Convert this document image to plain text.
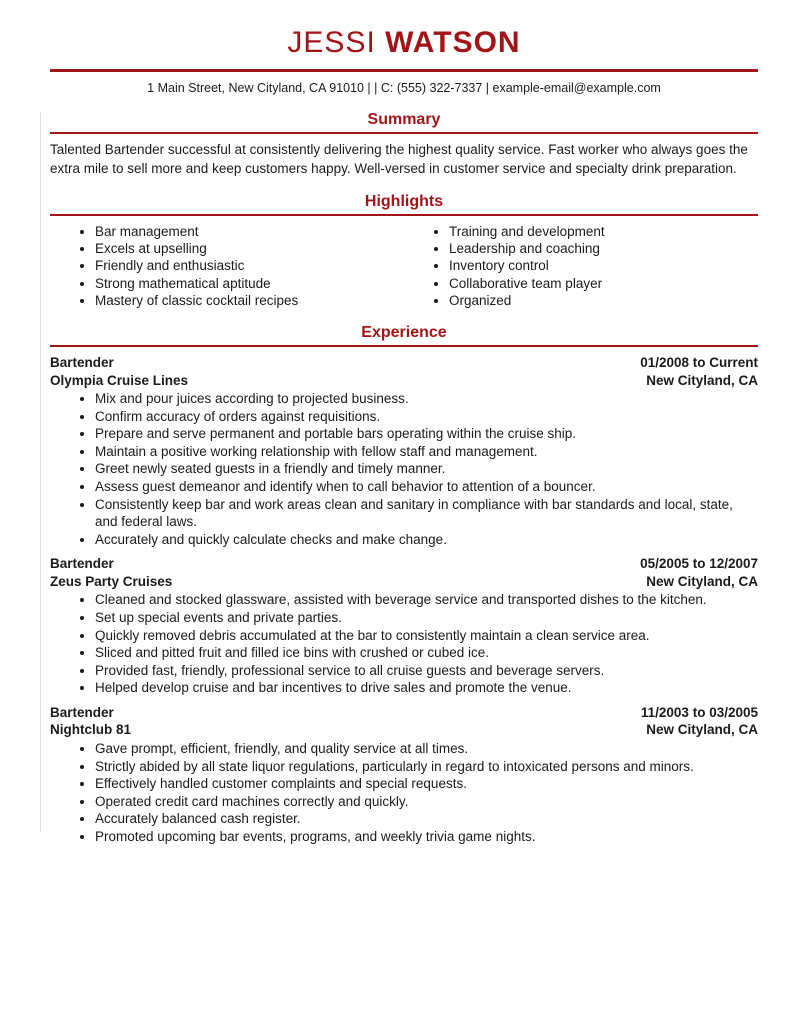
JESSI WATSON
1 Main Street, New Cityland, CA 91010 | | C: (555) 322-7337 | example-email@example.com
Summary

Talented Bartender successful at consistently delivering the highest quality service. Fast worker who always goes the extra mile to sell more and keep customers happy. Well-versed in customer service and specialty drink preparation.

Highlights
• Bar management
• Excels at upselling
• Friendly and enthusiastic
• Strong mathematical aptitude
• Mastery of classic cocktail recipes
• Training and development
• Leadership and coaching
• Inventory control
• Collaborative team player
• Organized
Experience
Bartender
Olympia Cruise Lines
01/2008 to Current
New Cityland, CA
• Mix and pour juices according to projected business.
• Confirm accuracy of orders against requisitions.
• Prepare and serve permanent and portable bars operating within the cruise ship.
• Maintain a positive working relationship with fellow staff and management.
• Greet newly seated guests in a friendly and timely manner.
• Assess guest demeanor and identify when to call behavior to attention of a bouncer.
• Consistently keep bar and work areas clean and sanitary in compliance with bar standards and local, state, and federal laws.
• Accurately and quickly calculate checks and make change.
Bartender
Zeus Party Cruises
05/2005 to 12/2007
New Cityland, CA
• Cleaned and stocked glassware, assisted with beverage service and transported dishes to the kitchen.
• Set up special events and private parties.
• Quickly removed debris accumulated at the bar to consistently maintain a clean service area.
• Sliced and pitted fruit and filled ice bins with crushed or cubed ice.
• Provided fast, friendly, professional service to all cruise guests and beverage servers.
• Helped develop cruise and bar incentives to drive sales and promote the venue.
Bartender
Nightclub 81
11/2003 to 03/2005
New Cityland, CA
• Gave prompt, efficient, friendly, and quality service at all times.
• Strictly abided by all state liquor regulations, particularly in regard to intoxicated persons and minors.
• Effectively handled customer complaints and special requests.
• Operated credit card machines correctly and quickly.
• Accurately balanced cash register.
• Promoted upcoming bar events, programs, and weekly trivia game nights.
